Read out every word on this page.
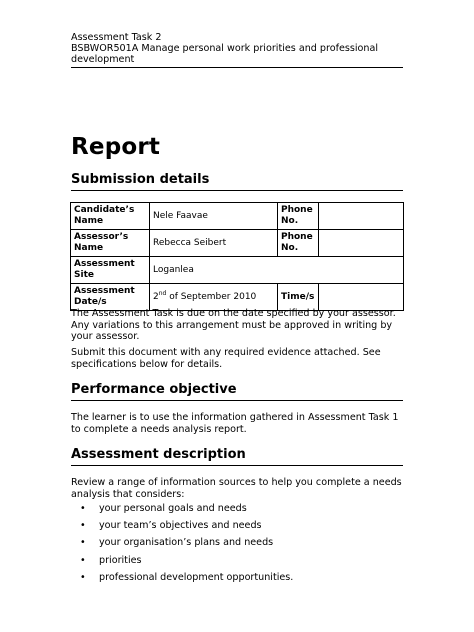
Assessment Task 2
BSBWOR501A Manage personal work priorities and professional development
Report
Submission details
Candidate’s Name	Nele Faavae	Phone No.	
Assessor’s Name	Rebecca Seibert	Phone No.	
Assessment Site	Loganlea		
Assessment Date/s	2nd of September 2010	Time/s	
The Assessment Task is due on the date specified by your assessor. Any variations to this arrangement must be approved in writing by your assessor.
Submit this document with any required evidence attached. See specifications below for details.
Performance objective
The learner is to use the information gathered in Assessment Task 1 to complete a needs analysis report.
Assessment description
Review a range of information sources to help you complete a needs analysis that considers:
• your personal goals and needs
• your team’s objectives and needs
• your organisation’s plans and needs
• priorities
• professional development opportunities.
